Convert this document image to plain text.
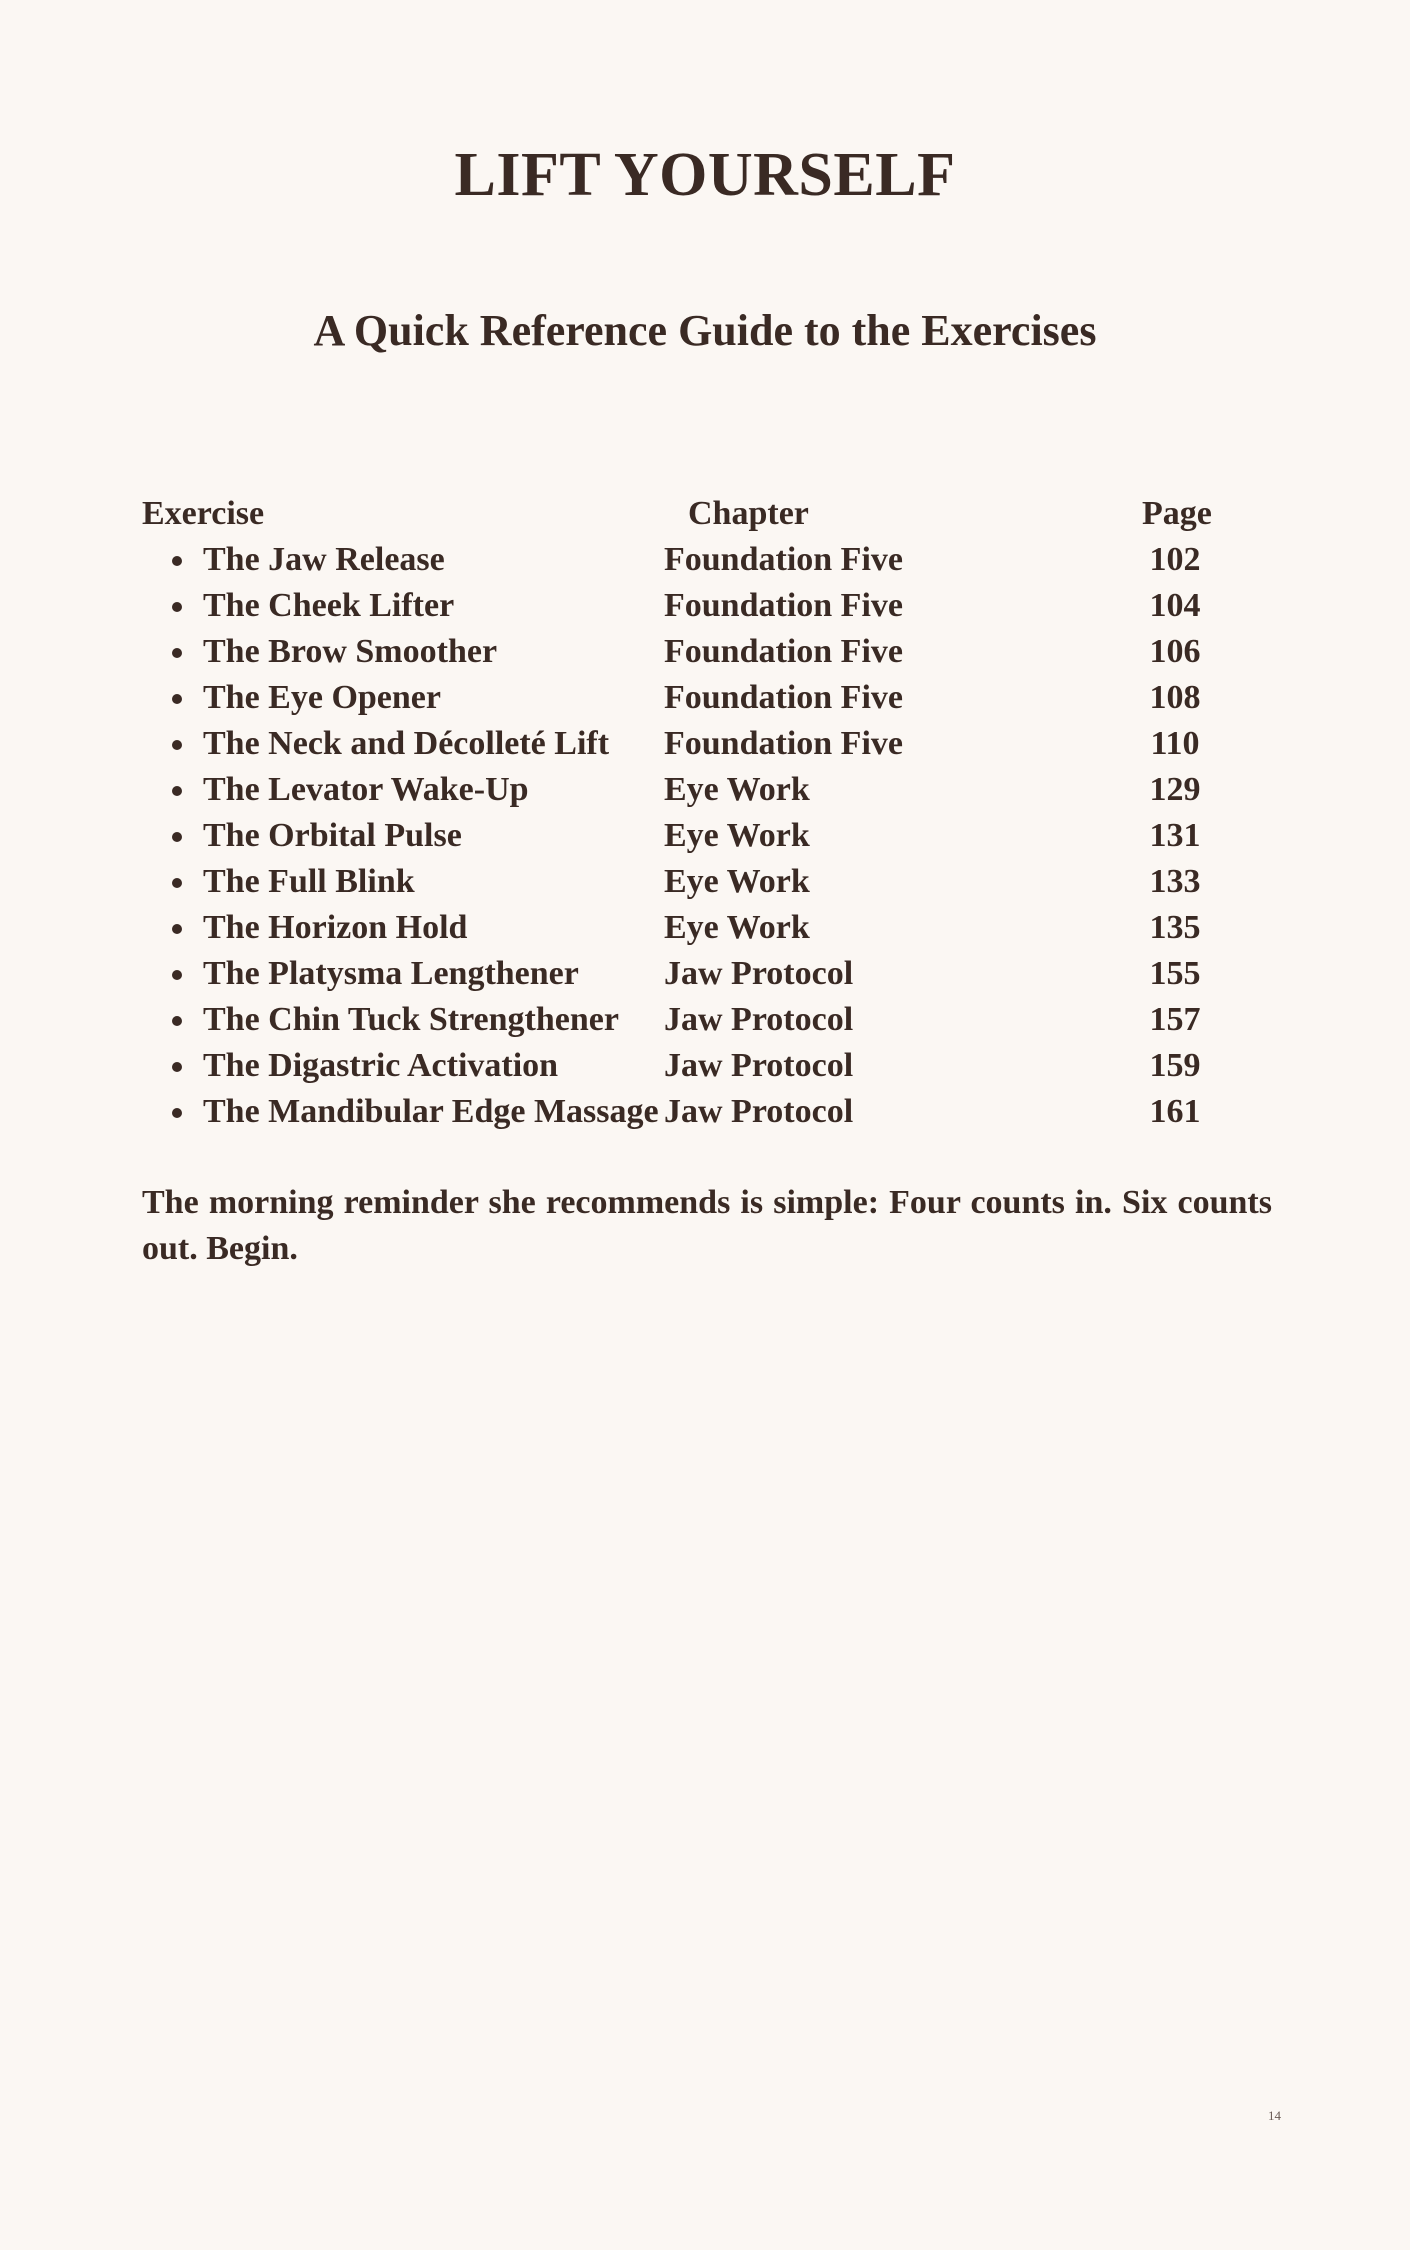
LIFT YOURSELF
A Quick Reference Guide to the Exercises
Exercise	Chapter	Page
The Jaw Release	Foundation Five	102
The Cheek Lifter	Foundation Five	104
The Brow Smoother	Foundation Five	106
The Eye Opener	Foundation Five	108
The Neck and Décolleté Lift Foundation Five	110
The Levator Wake-Up	Eye Work	129
The Orbital Pulse	Eye Work	131
The Full Blink	Eye Work	133
The Horizon Hold	Eye Work	135
The Platysma Lengthener	Jaw Protocol	155
The Chin Tuck Strengthener Jaw Protocol	157
The Digastric Activation	Jaw Protocol	159
The Mandibular Edge Massage Jaw Protocol	161

The morning reminder she recommends is simple: Four counts in. Six counts out. Begin.

14
